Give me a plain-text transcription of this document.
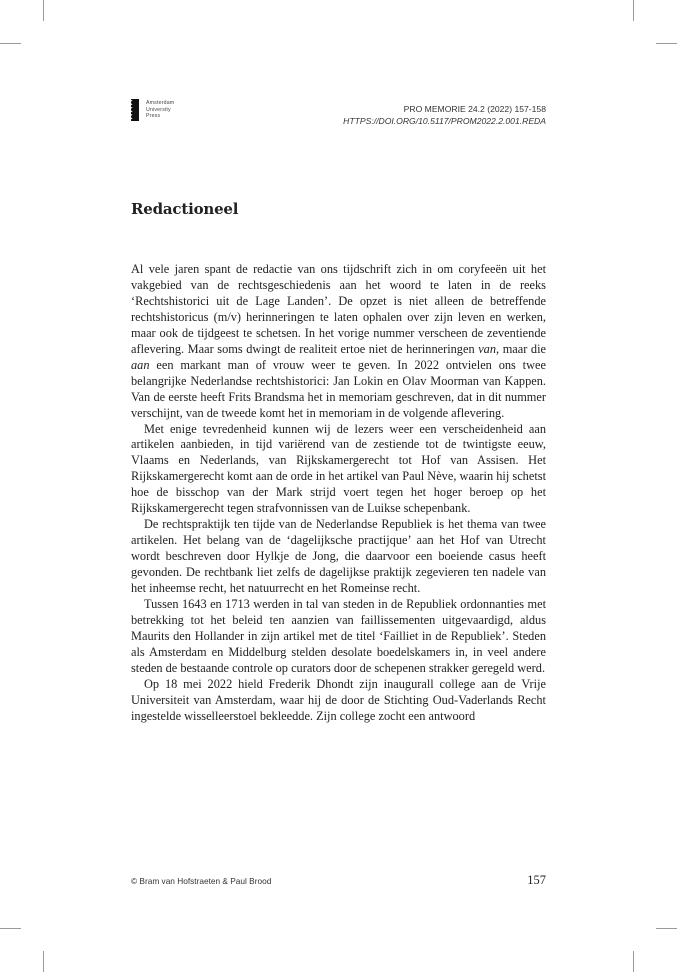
Amsterdam
University
Press
PRO MEMORIE 24.2 (2022) 157-158
HTTPS://DOI.ORG/10.5117/PROM2022.2.001.REDA
Redactioneel

Al vele jaren spant de redactie van ons tijdschrift zich in om coryfeeën uit het vakgebied van de rechtsgeschiedenis aan het woord te laten in de reeks ‘Rechtshistorici uit de Lage Landen’. De opzet is niet alleen de betreffende rechtshistoricus (m/v) herinneringen te laten ophalen over zijn leven en werken, maar ook de tijdgeest te schetsen. In het vorige nummer verscheen de zeventiende aflevering. Maar soms dwingt de realiteit ertoe niet de herinneringen van, maar die aan een markant man of vrouw weer te geven. In 2022 ontvielen ons twee belangrijke Nederlandse rechtshistorici: Jan Lokin en Olav Moorman van Kappen. Van de eerste heeft Frits Brandsma het in memoriam geschreven, dat in dit nummer verschijnt, van de tweede komt het in memoriam in de volgende aflevering.

Met enige tevredenheid kunnen wij de lezers weer een verscheidenheid aan artikelen aanbieden, in tijd variërend van de zestiende tot de twintigste eeuw, Vlaams en Nederlands, van Rijkskamergerecht tot Hof van Assisen. Het Rijkskamergerecht komt aan de orde in het artikel van Paul Nève, waarin hij schetst hoe de bisschop van der Mark strijd voert tegen het hoger beroep op het Rijkskamergerecht tegen strafvonnissen van de Luikse schepenbank.

De rechtspraktijk ten tijde van de Nederlandse Republiek is het thema van twee artikelen. Het belang van de ‘dagelijksche practijque’ aan het Hof van Utrecht wordt beschreven door Hylkje de Jong, die daarvoor een boeiende casus heeft gevonden. De rechtbank liet zelfs de dagelijkse praktijk zegevieren ten nadele van het inheemse recht, het natuurrecht en het Romeinse recht.

Tussen 1643 en 1713 werden in tal van steden in de Republiek ordonnanties met betrekking tot het beleid ten aanzien van faillissementen uitgevaardigd, aldus Maurits den Hollander in zijn artikel met de titel ‘Failliet in de Republiek’. Steden als Amsterdam en Middelburg stelden desolate boedelskamers in, in veel andere steden de bestaande controle op curators door de schepenen strakker geregeld werd.

Op 18 mei 2022 hield Frederik Dhondt zijn inaugurall college aan de Vrije Universiteit van Amsterdam, waar hij de door de Stichting Oud-Vaderlands Recht ingestelde wisselleerstoel bekleedde. Zijn college zocht een antwoord

© Bram van Hofstraeten & Paul Brood	157
